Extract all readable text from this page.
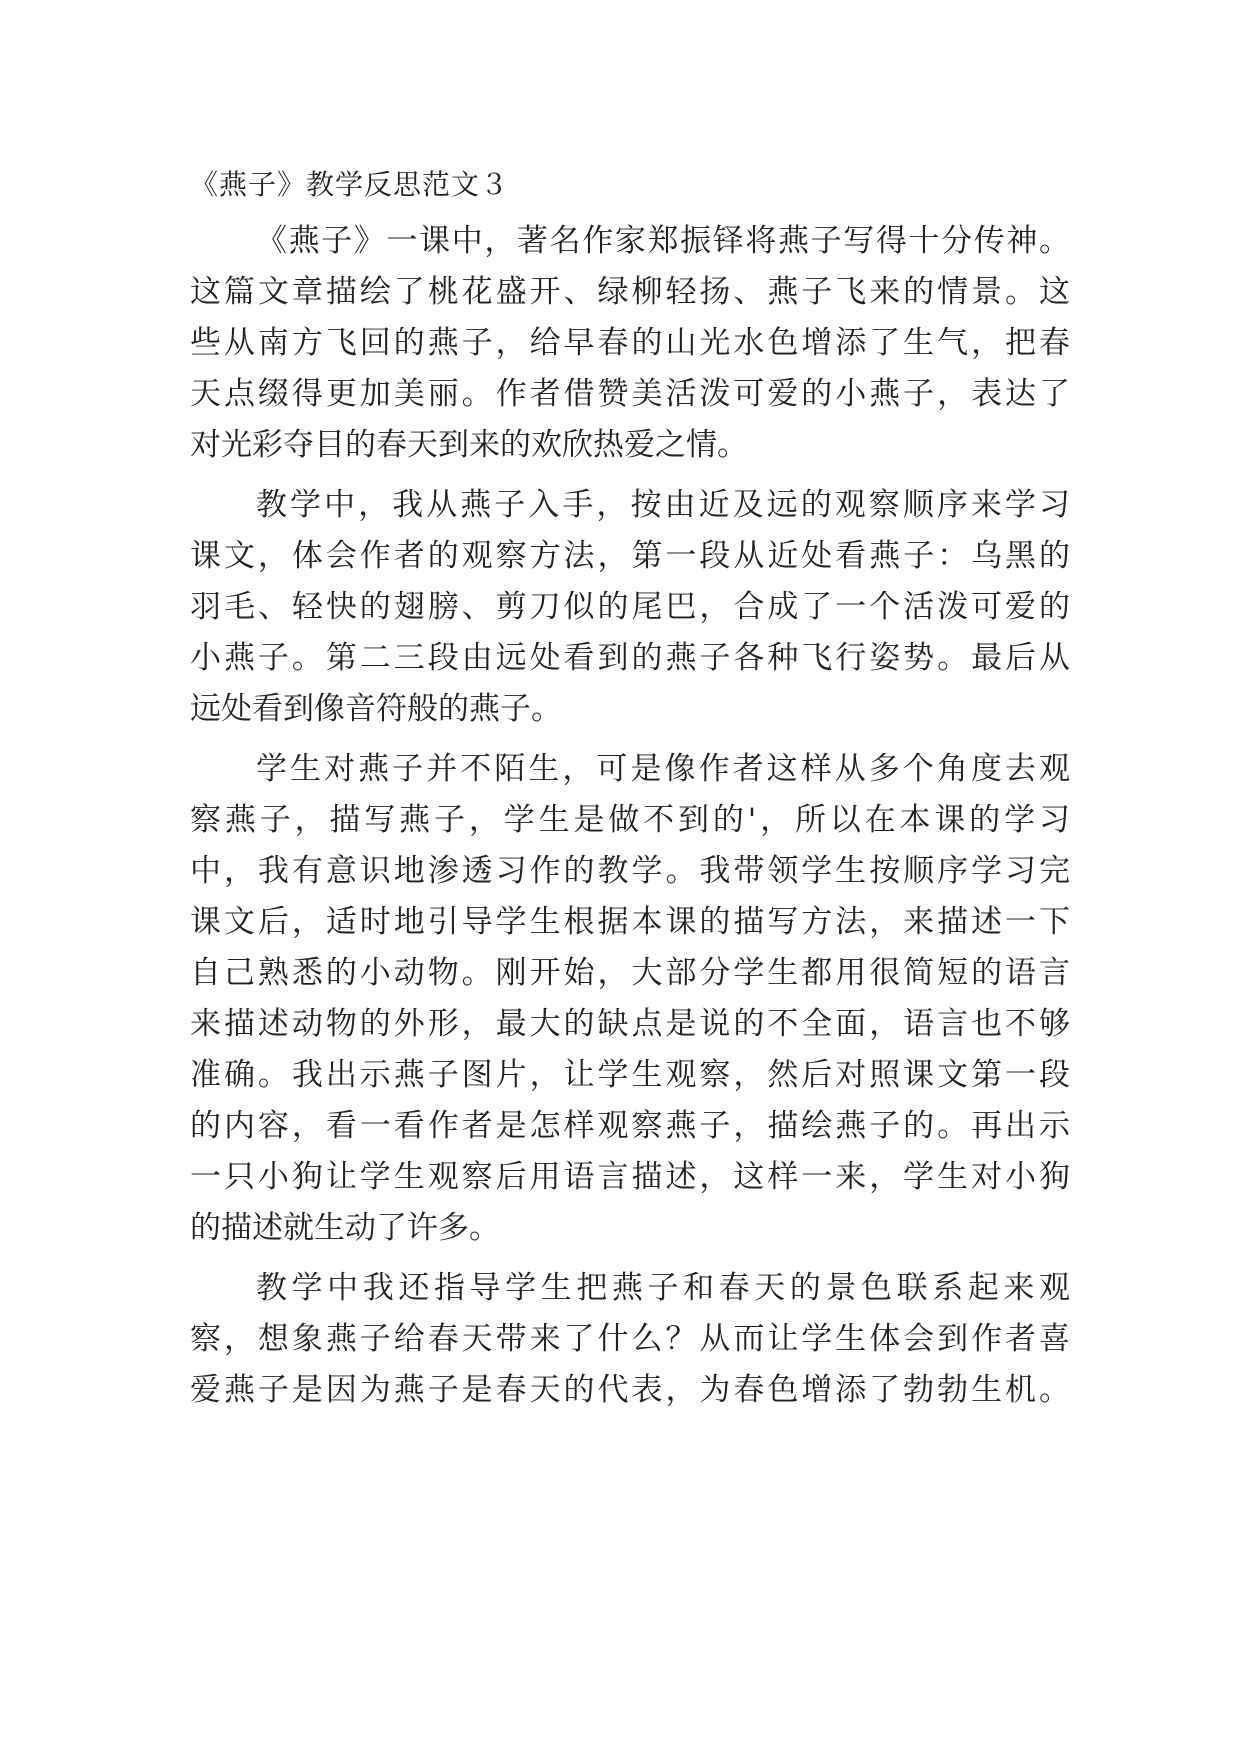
《燕子》教学反思范文３
《燕子》一课中，著名作家郑振铎将燕子写得十分传神。
这篇文章描绘了桃花盛开、绿柳轻扬、燕子飞来的情景。这
些从南方飞回的燕子，给早春的山光水色增添了生气，把春
天点缀得更加美丽。作者借赞美活泼可爱的小燕子，表达了
对光彩夺目的春天到来的欢欣热爱之情。
教学中，我从燕子入手，按由近及远的观察顺序来学习
课文，体会作者的观察方法，第一段从近处看燕子：乌黑的
羽毛、轻快的翅膀、剪刀似的尾巴，合成了一个活泼可爱的
小燕子。第二三段由远处看到的燕子各种飞行姿势。最后从
远处看到像音符般的燕子。
学生对燕子并不陌生，可是像作者这样从多个角度去观
察燕子，描写燕子，学生是做不到的'，所以在本课的学习
中，我有意识地渗透习作的教学。我带领学生按顺序学习完
课文后，适时地引导学生根据本课的描写方法，来描述一下
自己熟悉的小动物。刚开始，大部分学生都用很简短的语言
来描述动物的外形，最大的缺点是说的不全面，语言也不够
准确。我出示燕子图片，让学生观察，然后对照课文第一段
的内容，看一看作者是怎样观察燕子，描绘燕子的。再出示
一只小狗让学生观察后用语言描述，这样一来，学生对小狗
的描述就生动了许多。
教学中我还指导学生把燕子和春天的景色联系起来观
察，想象燕子给春天带来了什么？从而让学生体会到作者喜
爱燕子是因为燕子是春天的代表，为春色增添了勃勃生机。
